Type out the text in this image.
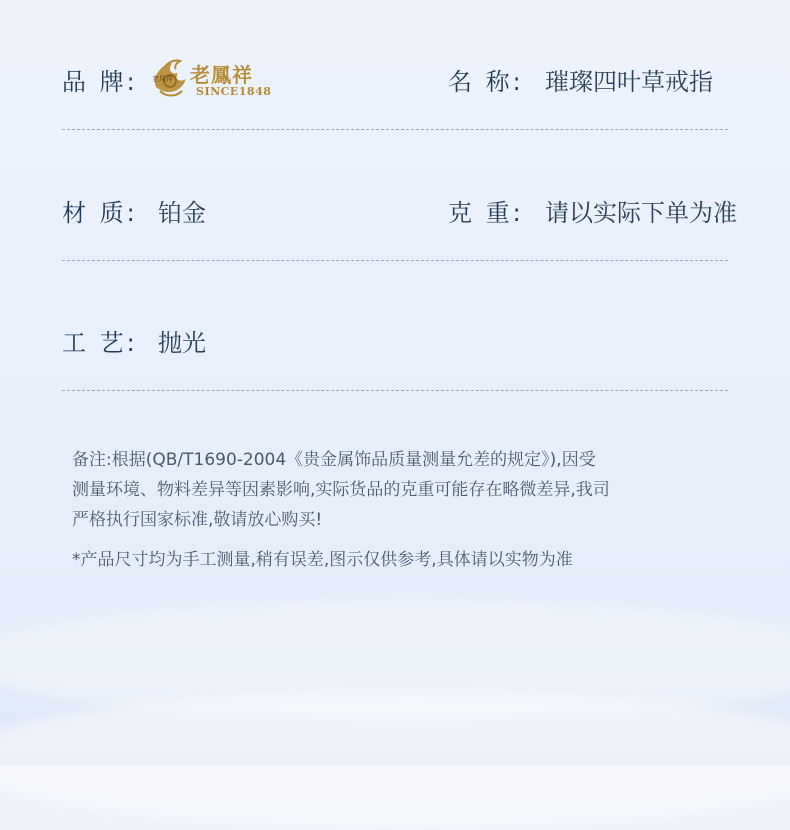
品 牌:	名 称: 璀璨四叶草戒指
老凤祥 老鳳祥
SINCE1848
材 质: 铂金	克 重: 请以实际下单为准
工 艺: 抛光
备注:根据(QB/T1690-2004《贵金属饰品质量测量允差的规定》),因受
测量环境、物料差异等因素影响,实际货品的克重可能存在略微差异,我司
严格执行国家标准,敬请放心购买!
*产品尺寸均为手工测量,稍有误差,图示仅供参考,具体请以实物为准
